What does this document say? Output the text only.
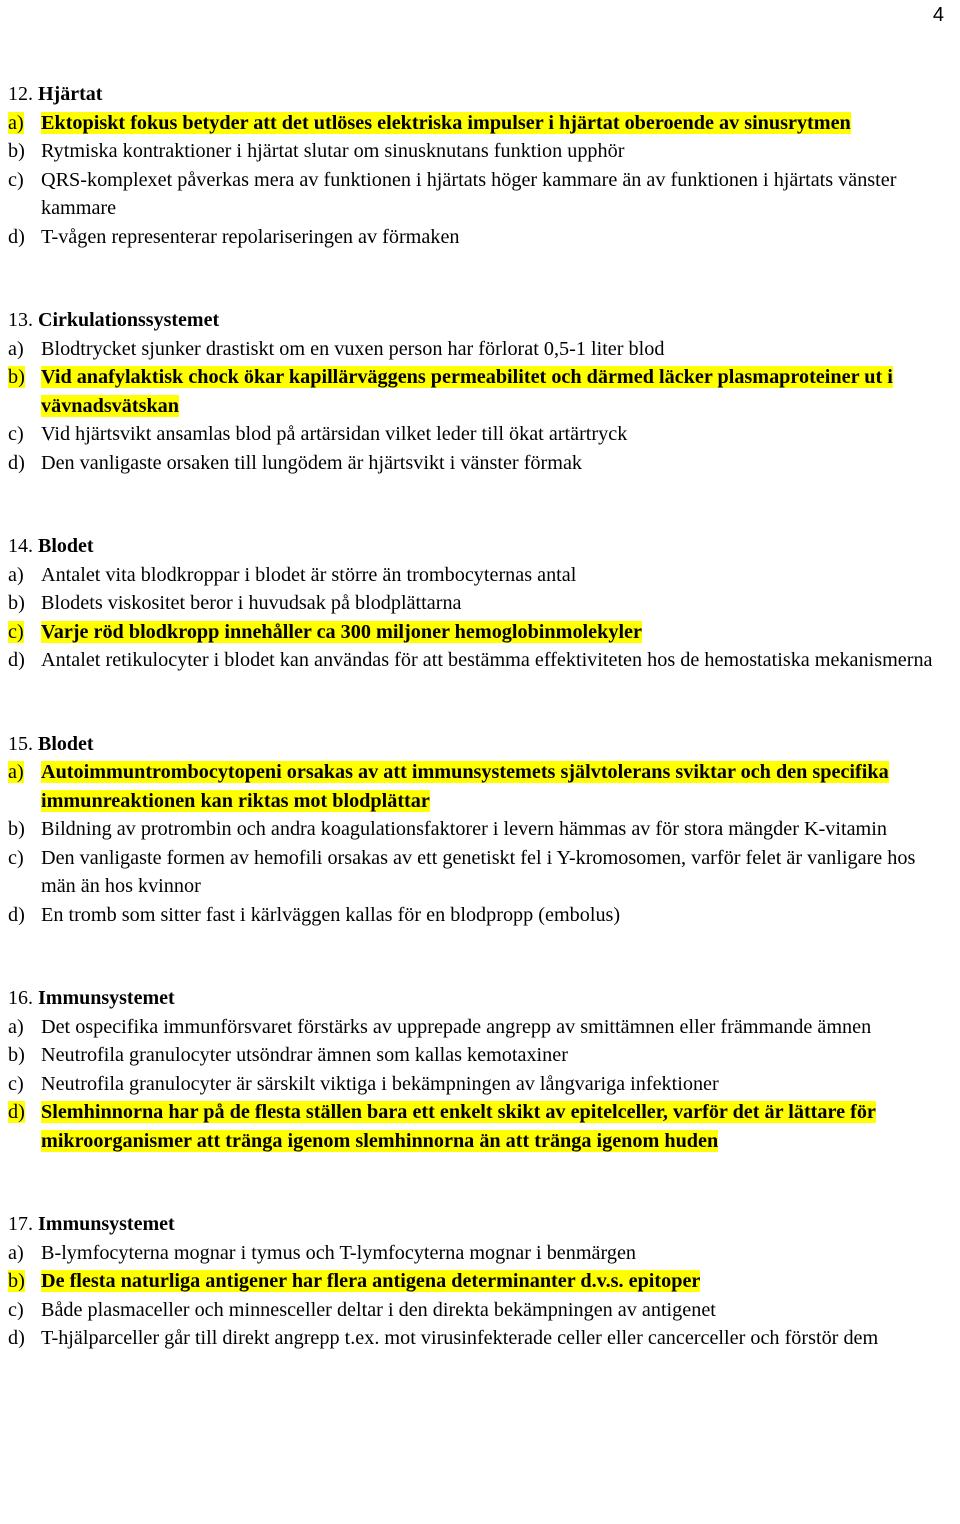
4
12. Hjärtat
a) Ektopiskt fokus betyder att det utlöses elektriska impulser i hjärtat oberoende av sinusrytmen
b) Rytmiska kontraktioner i hjärtat slutar om sinusknutans funktion upphör
c) QRS-komplexet påverkas mera av funktionen i hjärtats höger kammare än av funktionen i hjärtats vänster kammare
d) T-vågen representerar repolariseringen av förmaken
13. Cirkulationssystemet
a) Blodtrycket sjunker drastiskt om en vuxen person har förlorat 0,5-1 liter blod
b) Vid anafylaktisk chock ökar kapillärväggens permeabilitet och därmed läcker plasmaproteiner ut i vävnadsvätskan
c) Vid hjärtsvikt ansamlas blod på artärsidan vilket leder till ökat artärtryck
d) Den vanligaste orsaken till lungödem är hjärtsvikt i vänster förmak
14. Blodet
a) Antalet vita blodkroppar i blodet är större än trombocyternas antal
b) Blodets viskositet beror i huvudsak på blodplättarna
c) Varje röd blodkropp innehåller ca 300 miljoner hemoglobinmolekyler
d) Antalet retikulocyter i blodet kan användas för att bestämma effektiviteten hos de hemostatiska mekanismerna
15. Blodet
a) Autoimmuntrombocytopeni orsakas av att immunsystemets självtolerans sviktar och den specifika immunreaktionen kan riktas mot blodplättar
b) Bildning av protrombin och andra koagulationsfaktorer i levern hämmas av för stora mängder K-vitamin
c) Den vanligaste formen av hemofili orsakas av ett genetiskt fel i Y-kromosomen, varför felet är vanligare hos män än hos kvinnor
d) En tromb som sitter fast i kärlväggen kallas för en blodpropp (embolus)
16. Immunsystemet
a) Det ospecifika immunförsvaret förstärks av upprepade angrepp av smittämnen eller främmande ämnen
b) Neutrofila granulocyter utsöndrar ämnen som kallas kemotaxiner
c) Neutrofila granulocyter är särskilt viktiga i bekämpningen av långvariga infektioner
d) Slemhinnorna har på de flesta ställen bara ett enkelt skikt av epitelceller, varför det är lättare för mikroorganismer att tränga igenom slemhinnorna än att tränga igenom huden
17. Immunsystemet
a) B-lymfocyterna mognar i tymus och T-lymfocyterna mognar i benmärgen
b) De flesta naturliga antigener har flera antigena determinanter d.v.s. epitoper
c) Både plasmaceller och minnesceller deltar i den direkta bekämpningen av antigenet
d) T-hjälparceller går till direkt angrepp t.ex. mot virusinfekterade celler eller cancerceller och förstör dem
